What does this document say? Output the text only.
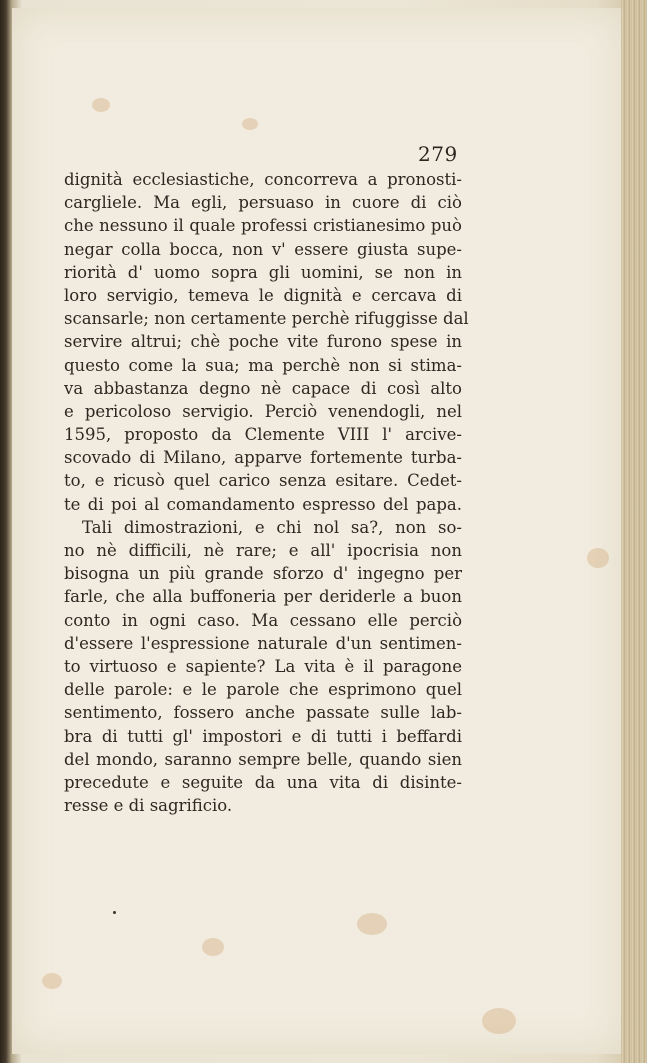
279
dignità ecclesiastiche, concorreva a pronosti-
cargliele. Ma egli, persuaso in cuore di ciò
che nessuno il quale professi cristianesimo può
negar colla bocca, non v' essere giusta supe-
riorità d' uomo sopra gli uomini, se non in
loro servigio, temeva le dignità e cercava di
scansarle; non certamente perchè rifuggisse dal
servire altrui; chè poche vite furono spese in
questo come la sua; ma perchè non si stima-
va abbastanza degno nè capace di così alto
e pericoloso servigio. Perciò venendogli, nel
1595, proposto da Clemente VIII l' arcive-
scovado di Milano, apparve fortemente turba-
to, e ricusò quel carico senza esitare. Cedet-
te di poi al comandamento espresso del papa.
Tali dimostrazioni, e chi nol sa?, non so-
no nè difficili, nè rare; e all' ipocrisia non
bisogna un più grande sforzo d' ingegno per
farle, che alla buffoneria per deriderle a buon
conto in ogni caso. Ma cessano elle perciò
d'essere l'espressione naturale d'un sentimen-
to virtuoso e sapiente? La vita è il paragone
delle parole: e le parole che esprimono quel
sentimento, fossero anche passate sulle lab-
bra di tutti gl' impostori e di tutti i beffardi
del mondo, saranno sempre belle, quando sien
precedute e seguite da una vita di disinte-
resse e di sagrificio.
